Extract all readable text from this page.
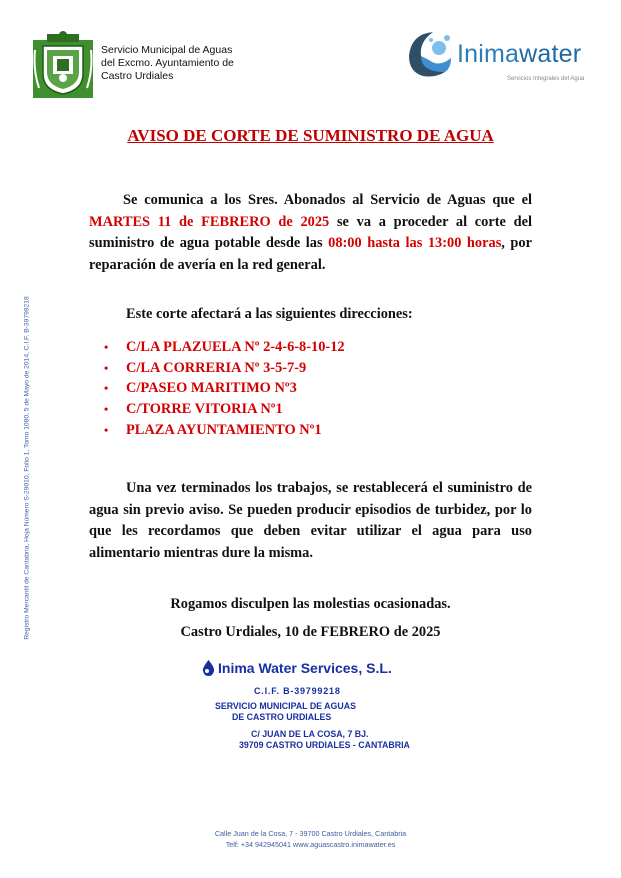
Servicio Municipal de Aguas
del Excmo. Ayuntamiento de
Castro Urdiales
Inimawater
Servicios Integrales del Agua
AVISO DE CORTE DE SUMINISTRO DE AGUA
Se comunica a los Sres. Abonados al Servicio de Aguas que el MARTES 11 de FEBRERO de 2025 se va a proceder al corte del suministro de agua potable desde las 08:00 hasta las 13:00 horas, por reparación de avería en la red general.
Este corte afectará a las siguientes direcciones:
• C/LA PLAZUELA Nº 2-4-6-8-10-12
• C/LA CORRERIA Nº 3-5-7-9
• C/PASEO MARITIMO Nº3
• C/TORRE VITORIA Nº1
• PLAZA AYUNTAMIENTO Nº1
Una vez terminados los trabajos, se restablecerá el suministro de agua sin previo aviso. Se pueden producir episodios de turbidez, por lo que les recordamos que deben evitar utilizar el agua para uso alimentario mientras dure la misma.
Rogamos disculpen las molestias ocasionadas.
Castro Urdiales, 10 de FEBRERO de 2025
Inima Water Services, S.L.
C.I.F. B-39799218
SERVICIO MUNICIPAL DE AGUAS
DE CASTRO URDIALES
C/ JUAN DE LA COSA, 7 BJ.
39709 CASTRO URDIALES - CANTABRIA
Registro Mercantil de Cantabria, Hoja Número S-29010, Folio 1, Tomo 1080, 5 de Mayo de 2014, C.I.F. B-39799218
Calle Juan de la Cosa, 7 - 39700 Castro Urdiales, Cantabria
Telf: +34 942945041 www.aguascastro.inimawater.es
